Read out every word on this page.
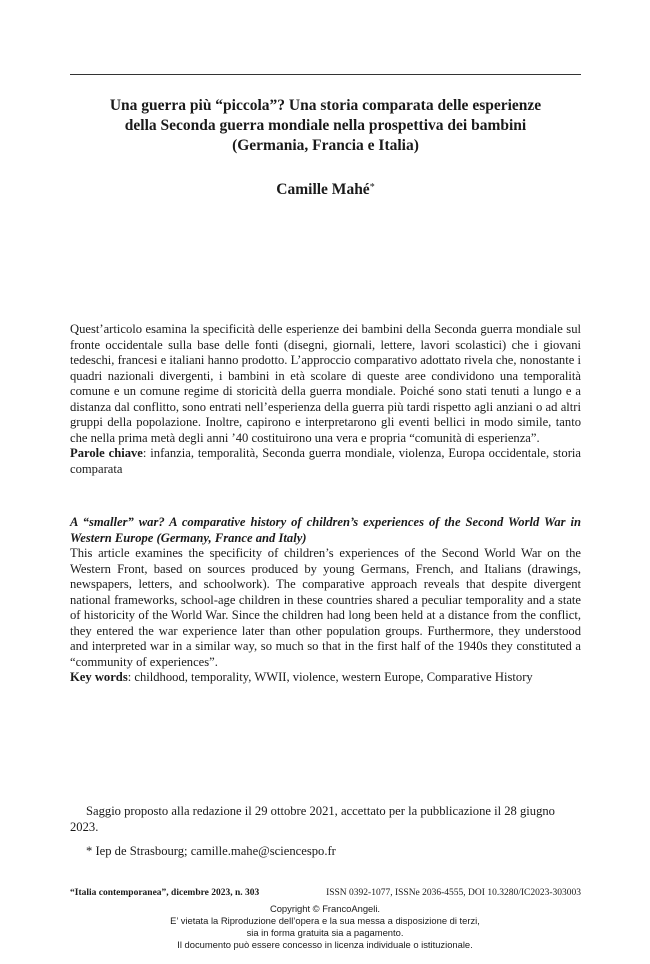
Una guerra più “piccola”? Una storia comparata delle esperienze
della Seconda guerra mondiale nella prospettiva dei bambini
(Germania, Francia e Italia)
Camille Mahé*

Quest’articolo esamina la specificità delle esperienze dei bambini della Seconda guerra mondiale sul fronte occidentale sulla base delle fonti (disegni, giornali, lettere, lavori scolastici) che i giovani tedeschi, francesi e italiani hanno prodotto. L’approccio comparativo adottato rivela che, nonostante i quadri nazionali divergenti, i bambini in età scolare di queste aree condividono una temporalità comune e un comune regime di storicità della guerra mondiale. Poiché sono stati tenuti a lungo e a distanza dal conflitto, sono entrati nell’esperienza della guerra più tardi rispetto agli anziani o ad altri gruppi della popolazione. Inoltre, capirono e interpretarono gli eventi bellici in modo simile, tanto che nella prima metà degli anni ’40 costituirono una vera e propria “comunità di esperienza”.

Parole chiave: infanzia, temporalità, Seconda guerra mondiale, violenza, Europa occidentale, storia comparata

A “smaller” war? A comparative history of children’s experiences of the Second World War in Western Europe (Germany, France and Italy)

This article examines the specificity of children’s experiences of the Second World War on the Western Front, based on sources produced by young Germans, French, and Italians (drawings, newspapers, letters, and schoolwork). The comparative approach reveals that despite divergent national frameworks, school-age children in these countries shared a peculiar temporality and a state of historicity of the World War. Since the children had long been held at a distance from the conflict, they entered the war experience later than other population groups. Furthermore, they understood and interpreted war in a similar way, so much so that in the first half of the 1940s they constituted a “community of experiences”.

Key words: childhood, temporality, WWII, violence, western Europe, Comparative History

Saggio proposto alla redazione il 29 ottobre 2021, accettato per la pubblicazione il 28 giugno 2023.

* Iep de Strasbourg; camille.mahe@sciencespo.fr

“Italia contemporanea”, dicembre 2023, n. 303	ISSN 0392-1077, ISSNe 2036-4555, DOI 10.3280/IC2023-303003

Copyright © FrancoAngeli.

E’ vietata la Riproduzione dell’opera e la sua messa a disposizione di terzi,

sia in forma gratuita sia a pagamento.

Il documento può essere concesso in licenza individuale o istituzionale.
